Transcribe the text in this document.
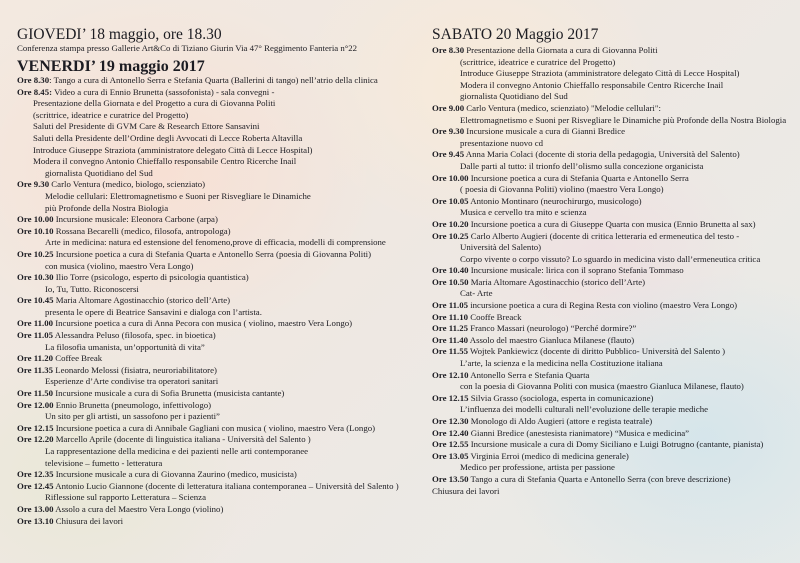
GIOVEDI’ 18 maggio, ore 18.30
Conferenza stampa presso Gallerie Art&Co di Tiziano Giurin Via 47° Reggimento Fanteria n°22
VENERDI’ 19 maggio 2017
Ore 8.30: Tango a cura di Antonello Serra e Stefania Quarta (Ballerini di tango) nell’atrio della clinica
Ore 8.45: Video a cura di Ennio Brunetta (sassofonista) - sala convegni -
Presentazione della Giornata e del Progetto a cura di Giovanna Politi
(scrittrice, ideatrice e curatrice del Progetto)
Saluti del Presidente di GVM Care & Research Ettore Sansavini
Saluti della Presidente dell’Ordine degli Avvocati di Lecce Roberta Altavilla
Introduce Giuseppe Straziota (amministratore delegato Città di Lecce Hospital)
Modera il convegno Antonio Chieffallo responsabile Centro Ricerche Inail
giornalista Quotidiano del Sud
Ore 9.30 Carlo Ventura (medico, biologo, scienziato)
Melodie cellulari: Elettromagnetismo e Suoni per Risvegliare le Dinamiche
più Profonde della Nostra Biologia
Ore 10.00 Incursione musicale: Eleonora Carbone (arpa)
Ore 10.10 Rossana Becarelli (medico, filosofa, antropologa)
Arte in medicina: natura ed estensione del fenomeno,prove di efficacia, modelli di comprensione
Ore 10.25 Incursione poetica a cura di Stefania Quarta e Antonello Serra (poesia di Giovanna Politi)
con musica (violino, maestro Vera Longo)
Ore 10.30 Ilio Torre (psicologo, esperto di psicologia quantistica)
Io, Tu, Tutto. Riconoscersi
Ore 10.45 Maria Altomare Agostinacchio (storico dell’Arte)
presenta le opere di Beatrice Sansavini e dialoga con l’artista.
Ore 11.00 Incursione poetica a cura di Anna Pecora con musica ( violino, maestro Vera Longo)
Ore 11.05 Alessandra Peluso (filosofa, spec. in bioetica)
La filosofia umanista, un’opportunità di vita”
Ore 11.20 Coffee Break
Ore 11.35 Leonardo Melossi (fisiatra, neuroriabilitatore)
Esperienze d’Arte condivise tra operatori sanitari
Ore 11.50 Incursione musicale a cura di Sofia Brunetta (musicista cantante)
Ore 12.00 Ennio Brunetta (pneumologo, infettivologo)
Un sito per gli artisti, un sassofono per i pazienti”
Ore 12.15 Incursione poetica a cura di Annibale Gagliani con musica ( violino, maestro Vera (Longo)
Ore 12.20 Marcello Aprile (docente di linguistica italiana - Università del Salento )
La rappresentazione della medicina e dei pazienti nelle arti contemporanee
televisione – fumetto - letteratura
Ore 12.35 Incursione musicale a cura di Giovanna Zaurino (medico, musicista)
Ore 12.45 Antonio Lucio Giannone (docente di letteratura italiana contemporanea – Università del Salento )
Riflessione sul rapporto Letteratura – Scienza
Ore 13.00 Assolo a cura del Maestro Vera Longo (violino)
Ore 13.10 Chiusura dei lavori
SABATO 20 Maggio 2017
Ore 8.30 Presentazione della Giornata a cura di Giovanna Politi
(scrittrice, ideatrice e curatrice del Progetto)
Introduce Giuseppe Straziota (amministratore delegato Città di Lecce Hospital)
Modera il convegno Antonio Chieffallo responsabile Centro Ricerche Inail
giornalista Quotidiano del Sud
Ore 9.00 Carlo Ventura (medico, scienziato) "Melodie cellulari":
Elettromagnetismo e Suoni per Risvegliare le Dinamiche più Profonde della Nostra Biologia
Ore 9.30 Incursione musicale a cura di Gianni Bredice
presentazione nuovo cd
Ore 9.45 Anna Maria Colaci (docente di storia della pedagogia, Università del Salento)
Dalle parti al tutto: il trionfo dell’olismo sulla concezione organicista
Ore 10.00 Incursione poetica a cura di Stefania Quarta e Antonello Serra
( poesia di Giovanna Politi) violino (maestro Vera Longo)
Ore 10.05 Antonio Montinaro (neurochirurgo, musicologo)
Musica e cervello tra mito e scienza
Ore 10.20 Incursione poetica a cura di Giuseppe Quarta con musica (Ennio Brunetta al sax)
Ore 10.25 Carlo Alberto Augieri (docente di critica letteraria ed ermeneutica del testo -
Università del Salento)
Corpo vivente o corpo vissuto? Lo sguardo in medicina visto dall’ermeneutica critica
Ore 10.40 Incursione musicale: lirica con il soprano Stefania Tommaso
Ore 10.50 Maria Altomare Agostinacchio (storico dell’Arte)
Cat- Arte
Ore 11.05 incursione poetica a cura di Regina Resta con violino (maestro Vera Longo)
Ore 11.10 Cooffe Breack
Ore 11.25 Franco Massari (neurologo) “Perché dormire?”
Ore 11.40 Assolo del maestro Gianluca Milanese (flauto)
Ore 11.55 Wojtek Pankiewicz (docente di diritto Pubblico- Università del Salento )
L’arte, la scienza e la medicina nella Costituzione italiana
Ore 12.10 Antonello Serra e Stefania Quarta
con la poesia di Giovanna Politi con musica (maestro Gianluca Milanese, flauto)
Ore 12.15 Silvia Grasso (sociologa, esperta in comunicazione)
L’influenza dei modelli culturali nell’evoluzione delle terapie mediche
Ore 12.30 Monologo di Aldo Augieri (attore e regista teatrale)
Ore 12.40 Gianni Bredice (anestesista rianimatore) “Musica e medicina”
Ore 12.55 Incursione musicale a cura di Domy Siciliano e Luigi Botrugno (cantante, pianista)
Ore 13.05 Virginia Erroi (medico di medicina generale)
Medico per professione, artista per passione
Ore 13.50 Tango a cura di Stefania Quarta e Antonello Serra (con breve descrizione)
Chiusura dei lavori
